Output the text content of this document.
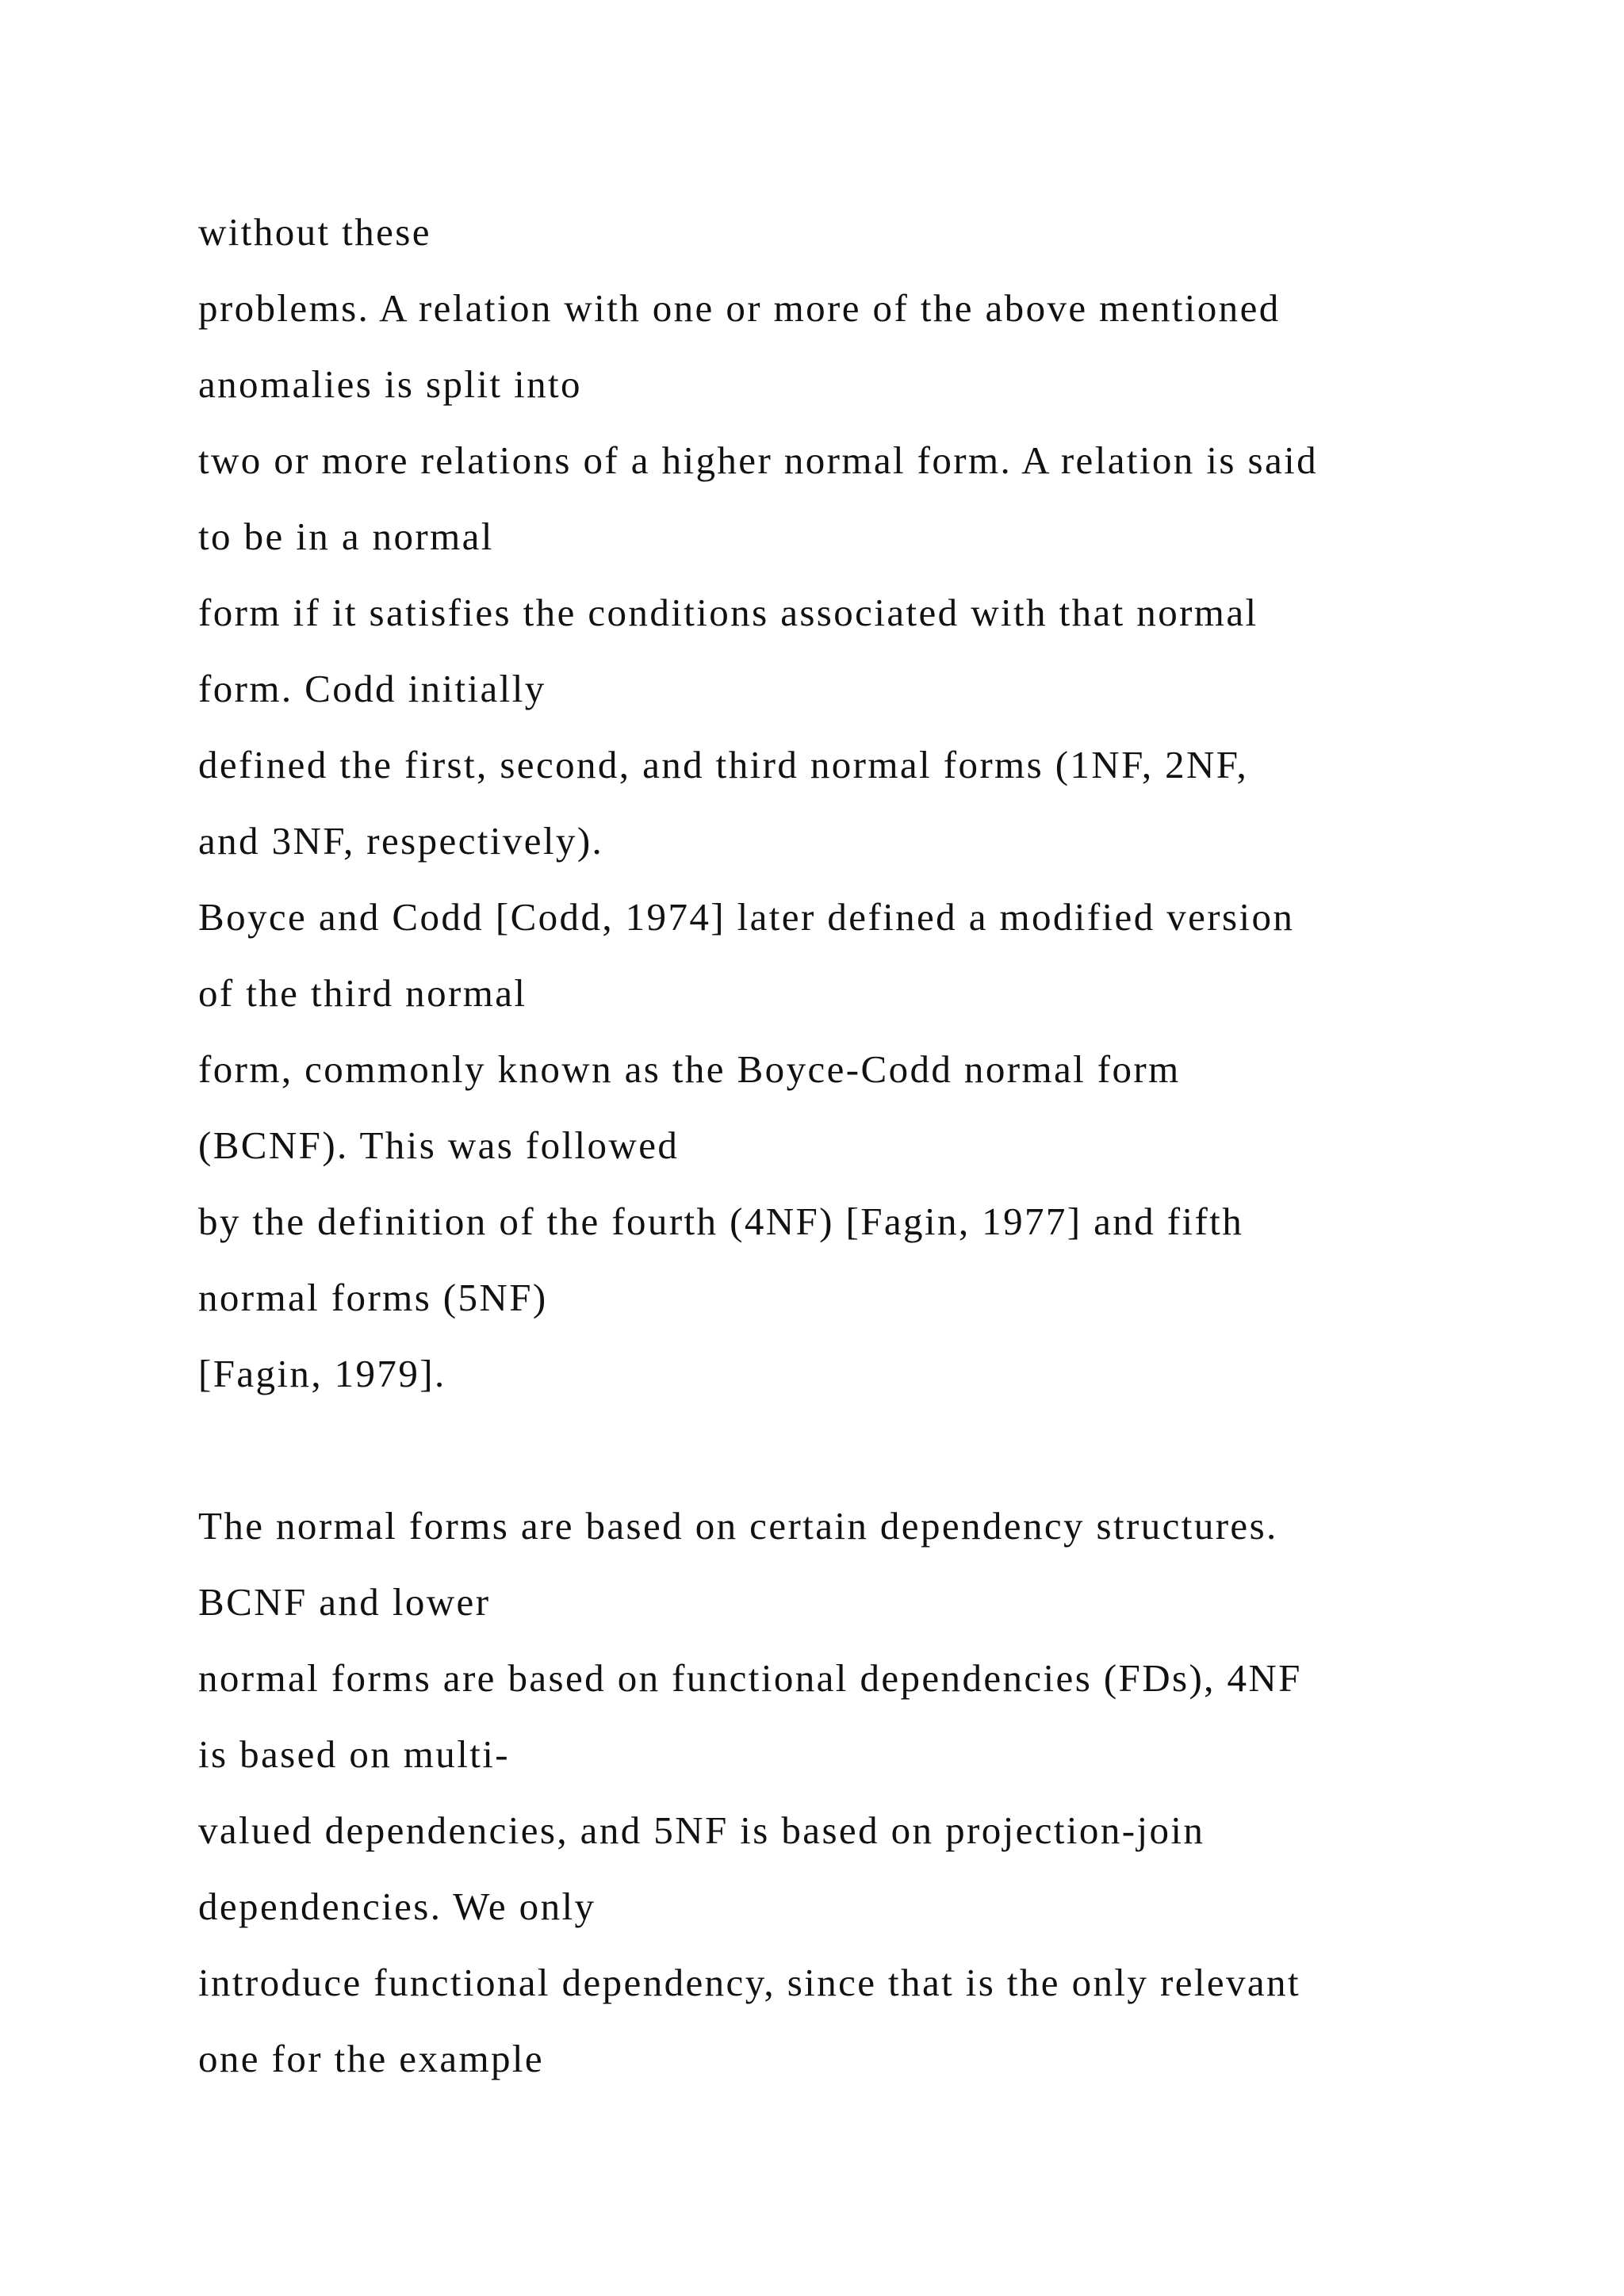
without these
problems. A relation with one or more of the above mentioned
anomalies is split into
two or more relations of a higher normal form. A relation is said
to be in a normal
form if it satisfies the conditions associated with that normal
form. Codd initially
defined the first, second, and third normal forms (1NF, 2NF,
and 3NF, respectively).
Boyce and Codd [Codd, 1974] later defined a modified version
of the third normal
form, commonly known as the Boyce-Codd normal form
(BCNF). This was followed
by the definition of the fourth (4NF) [Fagin, 1977] and fifth
normal forms (5NF)
[Fagin, 1979].
The normal forms are based on certain dependency structures.
BCNF and lower
normal forms are based on functional dependencies (FDs), 4NF
is based on multi-
valued dependencies, and 5NF is based on projection-join
dependencies. We only
introduce functional dependency, since that is the only relevant
one for the example
